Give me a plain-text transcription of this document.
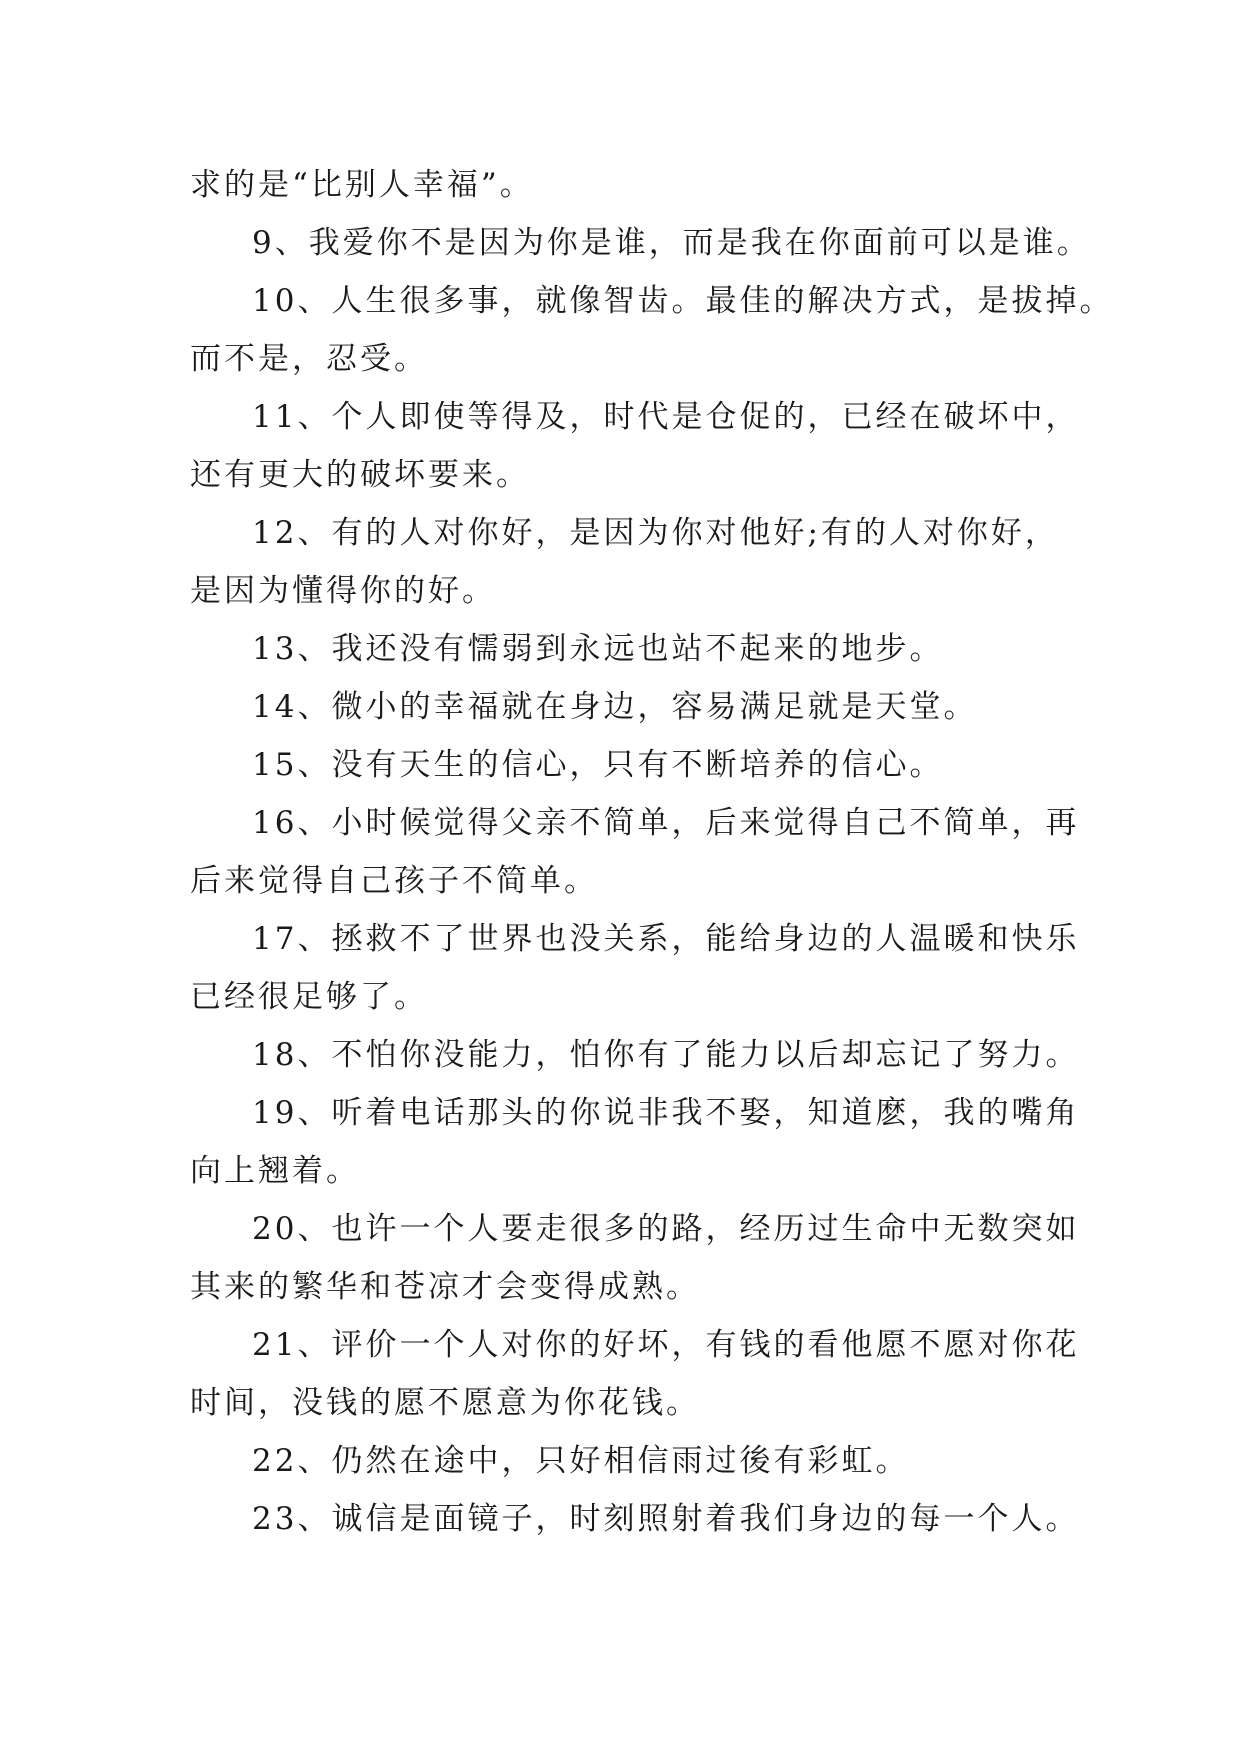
求的是“比别人幸福”。
9、我爱你不是因为你是谁，而是我在你面前可以是谁。
10、人生很多事，就像智齿。最佳的解决方式，是拔掉。
而不是，忍受。
11、个人即使等得及，时代是仓促的，已经在破坏中，
还有更大的破坏要来。
12、有的人对你好，是因为你对他好;有的人对你好，
是因为懂得你的好。
13、我还没有懦弱到永远也站不起来的地步。
14、微小的幸福就在身边，容易满足就是天堂。
15、没有天生的信心，只有不断培养的信心。
16、小时候觉得父亲不简单，后来觉得自己不简单，再
后来觉得自己孩子不简单。
17、拯救不了世界也没关系，能给身边的人温暖和快乐
已经很足够了。
18、不怕你没能力，怕你有了能力以后却忘记了努力。
19、听着电话那头的你说非我不娶，知道麽，我的嘴角
向上翘着。
20、也许一个人要走很多的路，经历过生命中无数突如
其来的繁华和苍凉才会变得成熟。
21、评价一个人对你的好坏，有钱的看他愿不愿对你花
时间，没钱的愿不愿意为你花钱。
22、仍然在途中，只好相信雨过後有彩虹。
23、诚信是面镜子，时刻照射着我们身边的每一个人。
